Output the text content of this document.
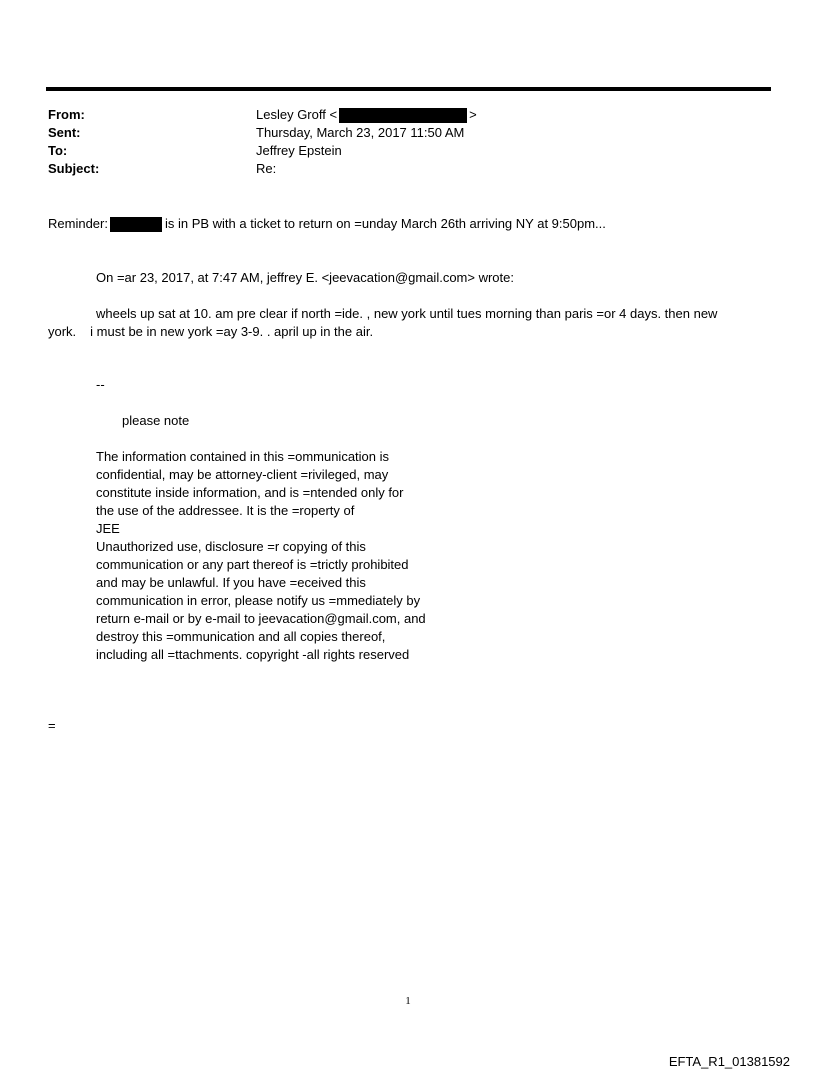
From:	Lesley Groff <	>
Sent:	Thursday, March 23, 2017 11:50 AM
To:	Jeffrey Epstein
Subject:	Re:
Reminder:	is in PB with a ticket to return on =unday March 26th arriving NY at 9:50pm...
On =ar 23, 2017, at 7:47 AM, jeffrey E. <jeevacation@gmail.com> wrote:
wheels up sat at 10. am pre clear if north =ide. , new york until tues morning than paris =or 4 days. then new
york. i must be in new york =ay 3-9. . april up in the air.
--
please note
The information contained in this =ommunication is
confidential, may be attorney-client =rivileged, may
constitute inside information, and is =ntended only for
the use of the addressee. It is the =roperty of
JEE
Unauthorized use, disclosure =r copying of this
communication or any part thereof is =trictly prohibited
and may be unlawful. If you have =eceived this
communication in error, please notify us =mmediately by
return e-mail or by e-mail to jeevacation@gmail.com, and
destroy this =ommunication and all copies thereof,
including all =ttachments. copyright -all rights reserved
=
1
EFTA_R1_01381592
